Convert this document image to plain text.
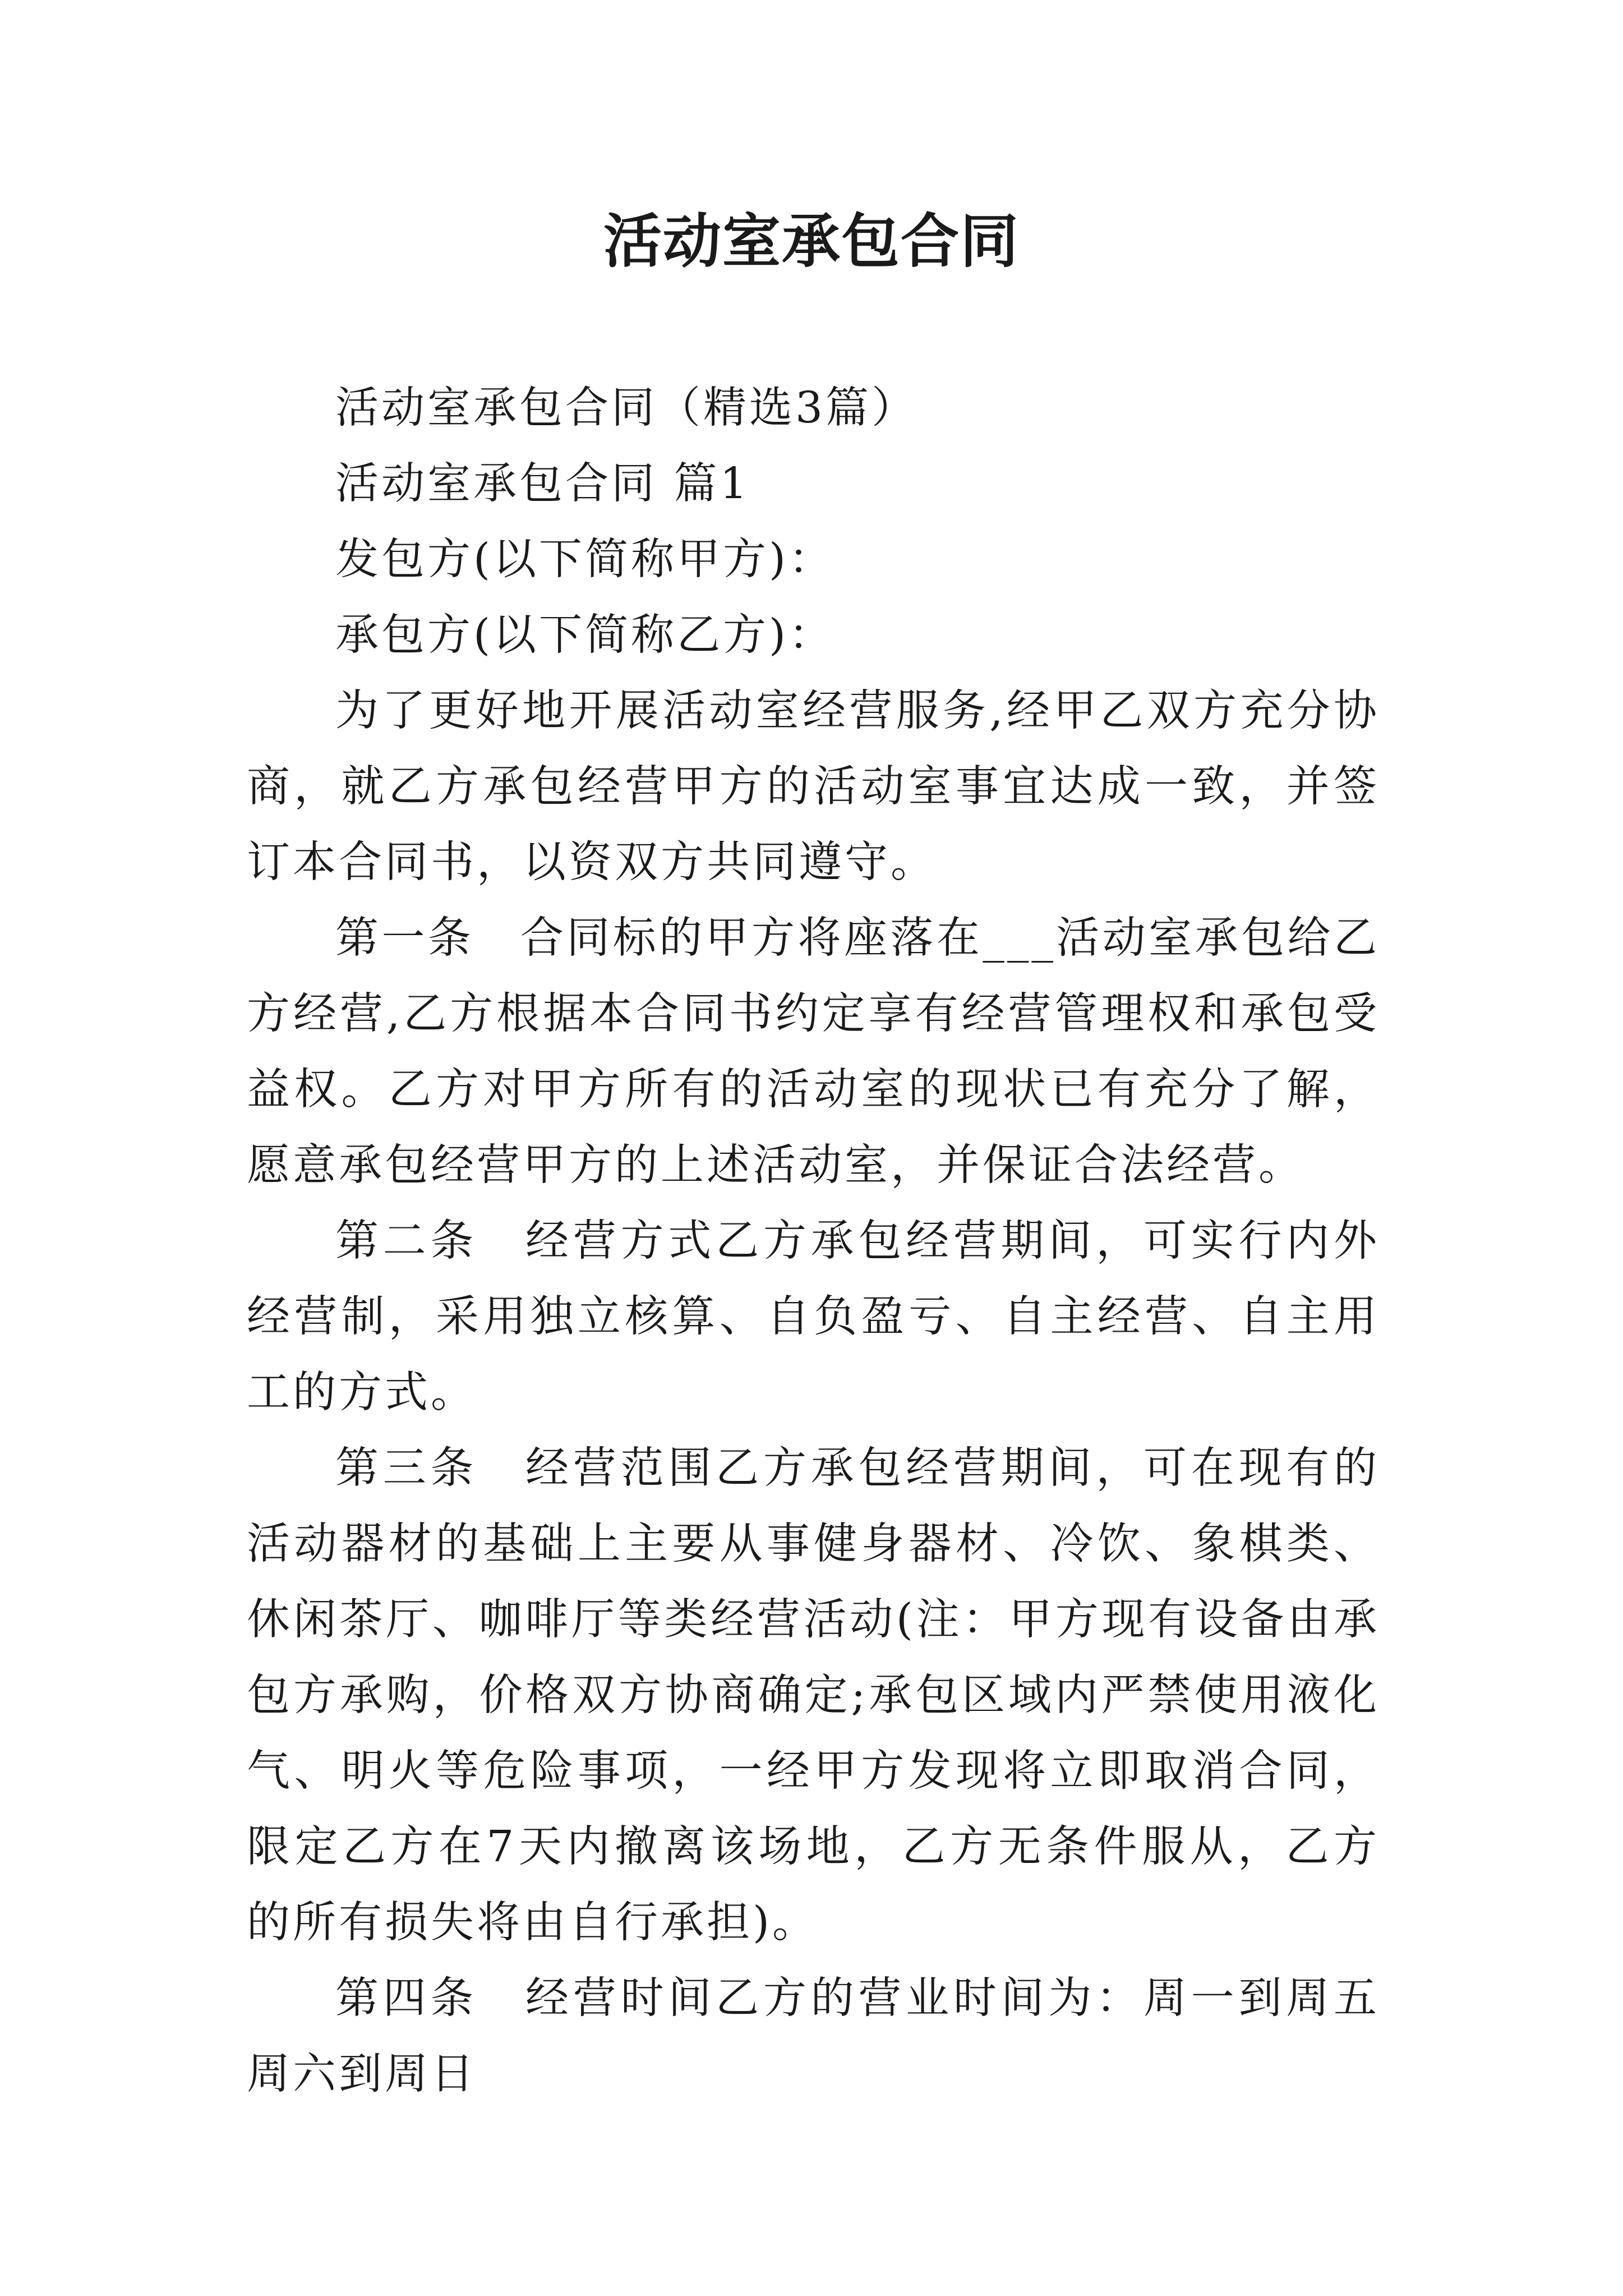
活动室承包合同

活动室承包合同（精选3篇）

活动室承包合同 篇1

发包方(以下简称甲方)：

承包方(以下简称乙方)：

为了更好地开展活动室经营服务,经甲乙双方充分协商，就乙方承包经营甲方的活动室事宜达成一致，并签订本合同书，以资双方共同遵守。

第一条　合同标的甲方将座落在___活动室承包给乙方经营,乙方根据本合同书约定享有经营管理权和承包受益权。乙方对甲方所有的活动室的现状已有充分了解，愿意承包经营甲方的上述活动室，并保证合法经营。

第二条　经营方式乙方承包经营期间，可实行内外经营制，采用独立核算、自负盈亏、自主经营、自主用工的方式。

第三条　经营范围乙方承包经营期间，可在现有的活动器材的基础上主要从事健身器材、冷饮、象棋类、休闲茶厅、咖啡厅等类经营活动(注：甲方现有设备由承包方承购，价格双方协商确定;承包区域内严禁使用液化气、明火等危险事项，一经甲方发现将立即取消合同，限定乙方在7天内撤离该场地，乙方无条件服从，乙方的所有损失将由自行承担)。

第四条　经营时间乙方的营业时间为：周一到周五周六到周日
